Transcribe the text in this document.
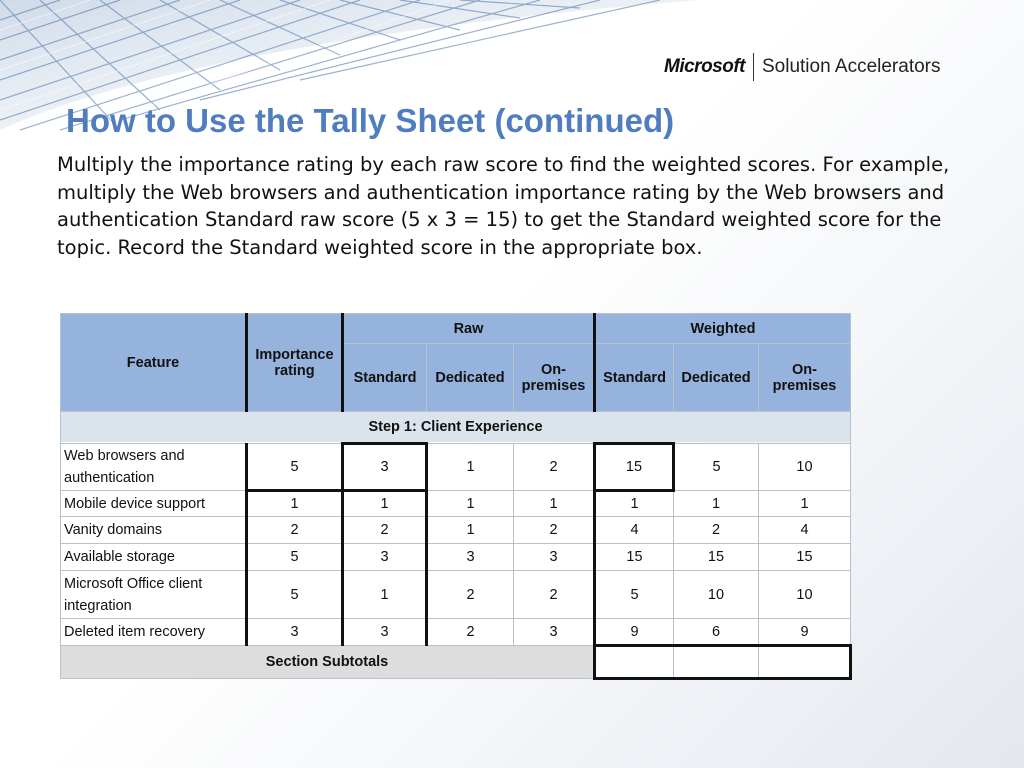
Microsoft Solution Accelerators
How to Use the Tally Sheet (continued)

Multiply the importance rating by each raw score to find the weighted scores. For example, multiply the Web browsers and authentication importance rating by the Web browsers and authentication Standard raw score (5 x 3 = 15) to get the Standard weighted score for the topic. Record the Standard weighted score in the appropriate box.

Feature	Importance rating	Raw			Weighted		
		Standard	Dedicated	On-premises	Standard	Dedicated	On-premises
Step 1: Client Experience							
Web browsers and authentication	5	3	1	2	15	5	10
Mobile device support	1	1	1	1	1	1	1
Vanity domains	2	2	1	2	4	2	4
Available storage	5	3	3	3	15	15	15
Microsoft Office client integration	5	1	2	2	5	10	10
Deleted item recovery	3	3	2	3	9	6	9
Section Subtotals							
